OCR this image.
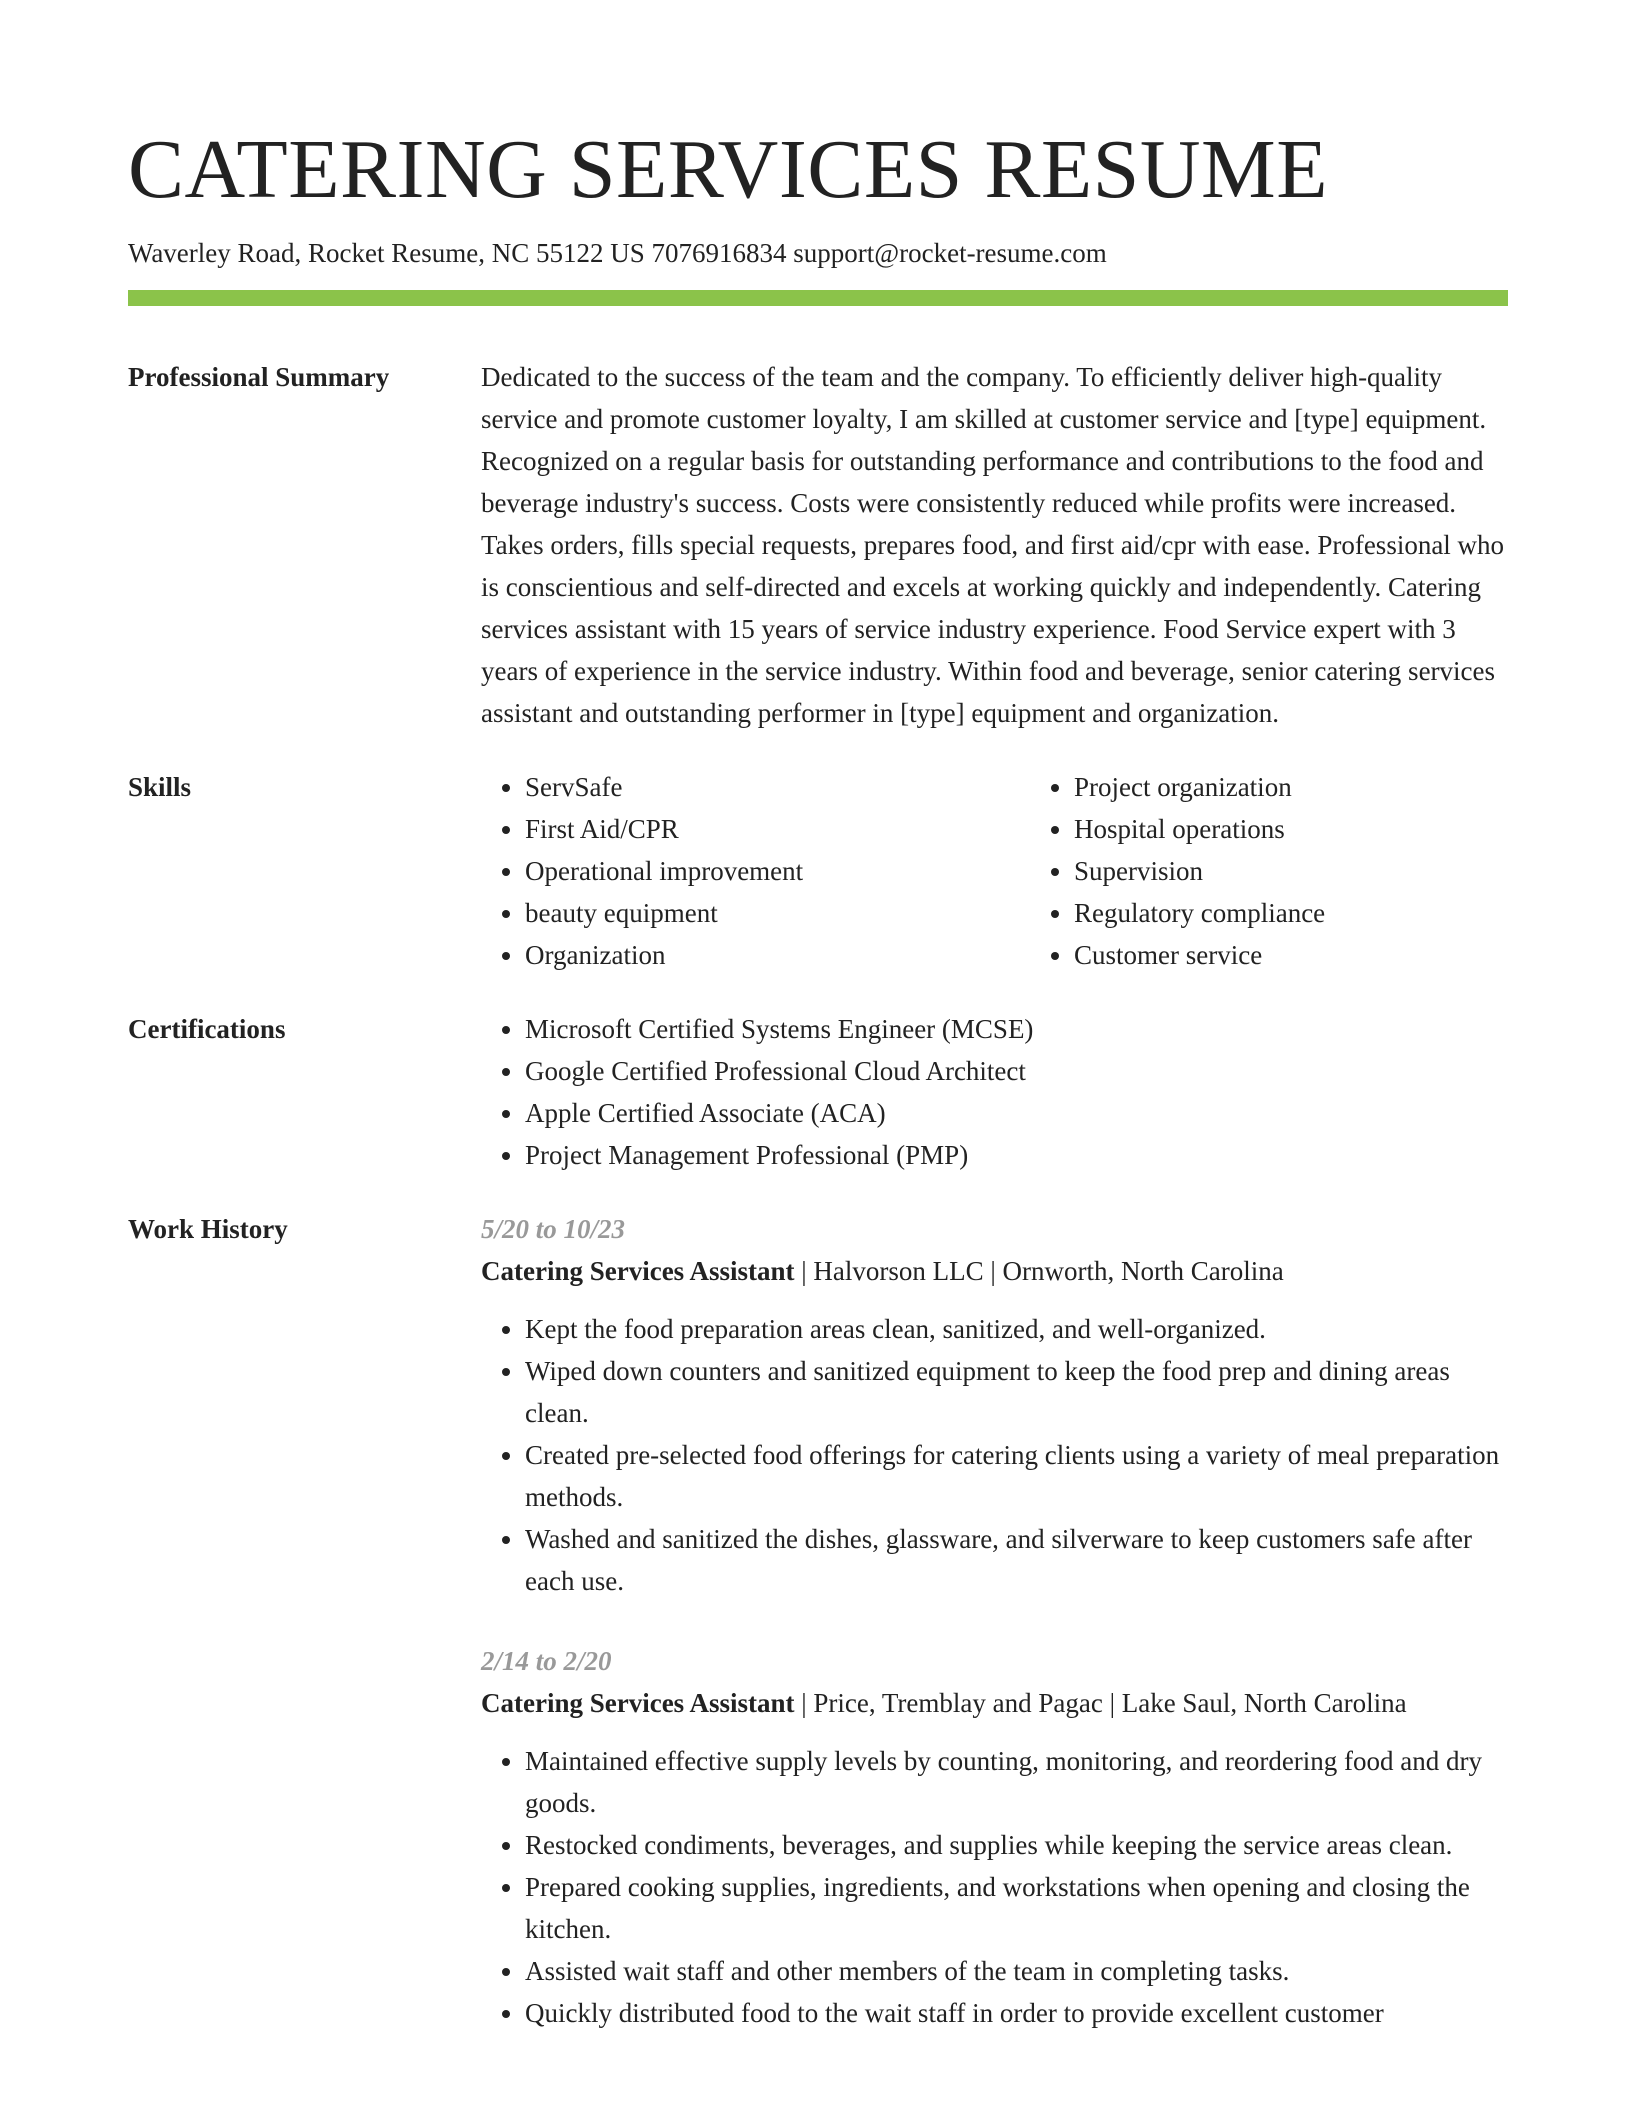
CATERING SERVICES RESUME
Waverley Road, Rocket Resume, NC 55122 US 7076916834 support@rocket-resume.com
Professional Summary	Dedicated to the success of the team and the company. To efficiently deliver high-quality service and promote customer loyalty, I am skilled at customer service and [type] equipment. Recognized on a regular basis for outstanding performance and contributions to the food and beverage industry's success. Costs were consistently reduced while profits were increased. Takes orders, fills special requests, prepares food, and first aid/cpr with ease. Professional who is conscientious and self-directed and excels at working quickly and independently. Catering services assistant with 15 years of service industry experience. Food Service expert with 3 years of experience in the service industry. Within food and beverage, senior catering services assistant and outstanding performer in [type] equipment and organization.

Skills	• ServSafe
• First Aid/CPR
• Operational improvement
• beauty equipment
• Organization
• Project organization
• Hospital operations
• Supervision
• Regulatory compliance
• Customer service
Certifications	• Microsoft Certified Systems Engineer (MCSE)
• Google Certified Professional Cloud Architect
• Apple Certified Associate (ACA)
• Project Management Professional (PMP)
Work History	5/20 to 10/23
Catering Services Assistant | Halvorson LLC | Ornworth, North Carolina
• Kept the food preparation areas clean, sanitized, and well-organized.
• Wiped down counters and sanitized equipment to keep the food prep and dining areas clean.
• Created pre-selected food offerings for catering clients using a variety of meal preparation methods.
• Washed and sanitized the dishes, glassware, and silverware to keep customers safe after each use.
2/14 to 2/20
Catering Services Assistant | Price, Tremblay and Pagac | Lake Saul, North Carolina
• Maintained effective supply levels by counting, monitoring, and reordering food and dry goods.
• Restocked condiments, beverages, and supplies while keeping the service areas clean.
• Prepared cooking supplies, ingredients, and workstations when opening and closing the kitchen.
• Assisted wait staff and other members of the team in completing tasks.
• Quickly distributed food to the wait staff in order to provide excellent customer
